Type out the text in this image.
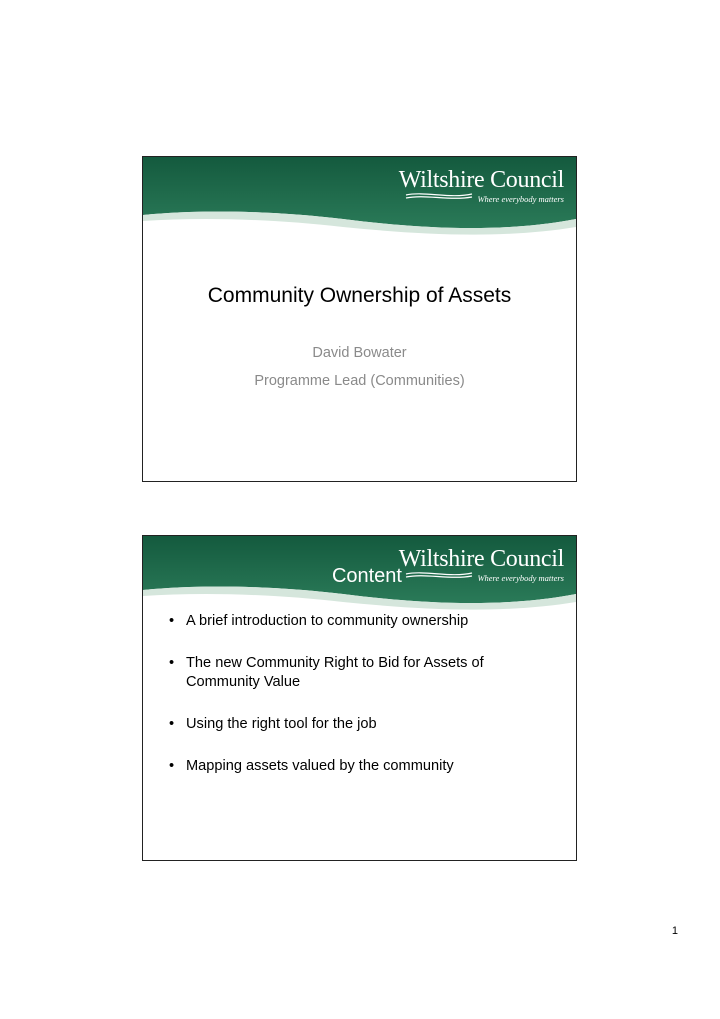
Wiltshire Council
Where everybody matters
Community Ownership of Assets
David Bowater
Programme Lead (Communities)
Wiltshire Council
Where everybody matters
Content
• A brief introduction to community ownership
• The new Community Right to Bid for Assets of
Community Value
• Using the right tool for the job
• Mapping assets valued by the community
1
